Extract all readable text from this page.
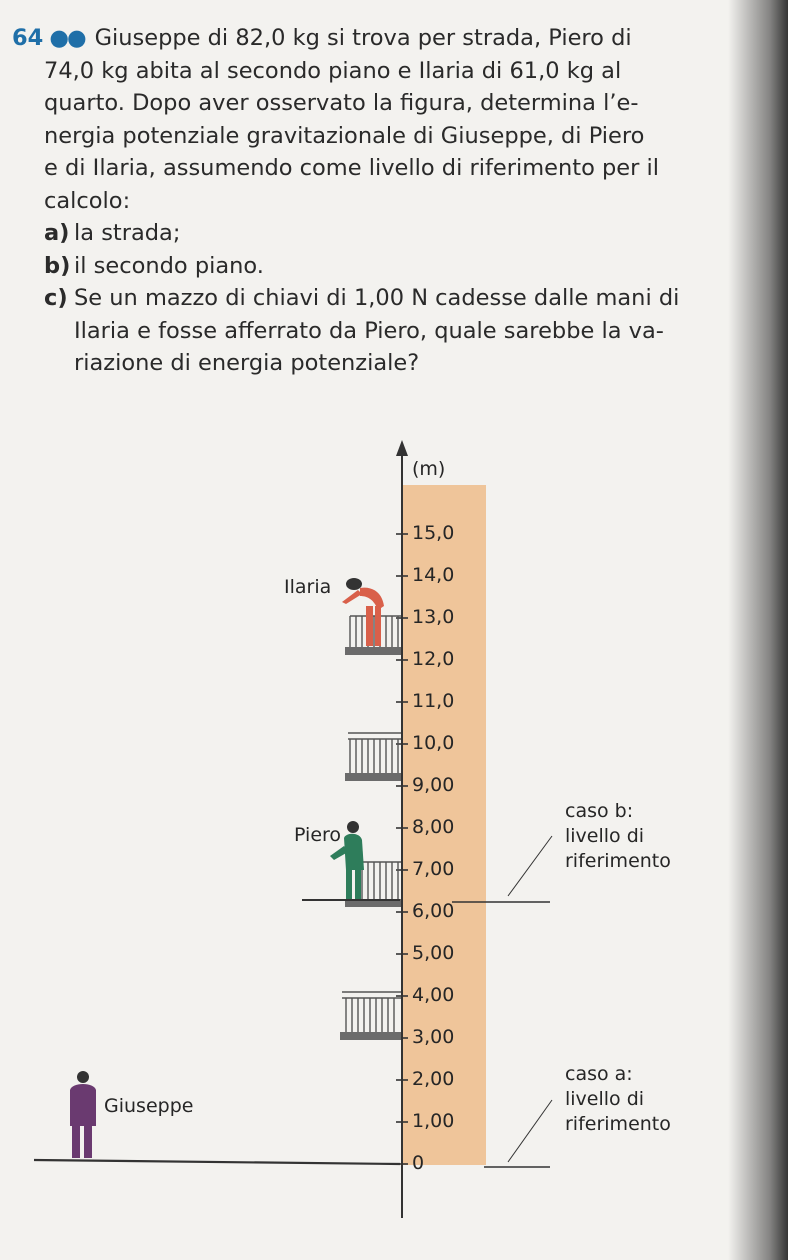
64 ●● Giuseppe di 82,0 kg si trova per strada, Piero di

74,0 kg abita al secondo piano e Ilaria di 61,0 kg al

quarto. Dopo aver osservato la figura, determina l’e-

nergia potenziale gravitazionale di Giuseppe, di Piero

e di Ilaria, assumendo come livello di riferimento per il

calcolo:

a) la strada;

b) il secondo piano.

c) Se un mazzo di chiavi di 1,00 N cadesse dalle mani di

Ilaria e fosse afferrato da Piero, quale sarebbe la va-

riazione di energia potenziale?

(m)
15,0
14,0
13,0
12,0
11,0
10,0
9,00
8,00
7,00
6,00
5,00
4,00
3,00
2,00
1,00
0
Ilaria
Piero
Giuseppe
caso b:
livello di
riferimento
caso a:
livello di
riferimento
